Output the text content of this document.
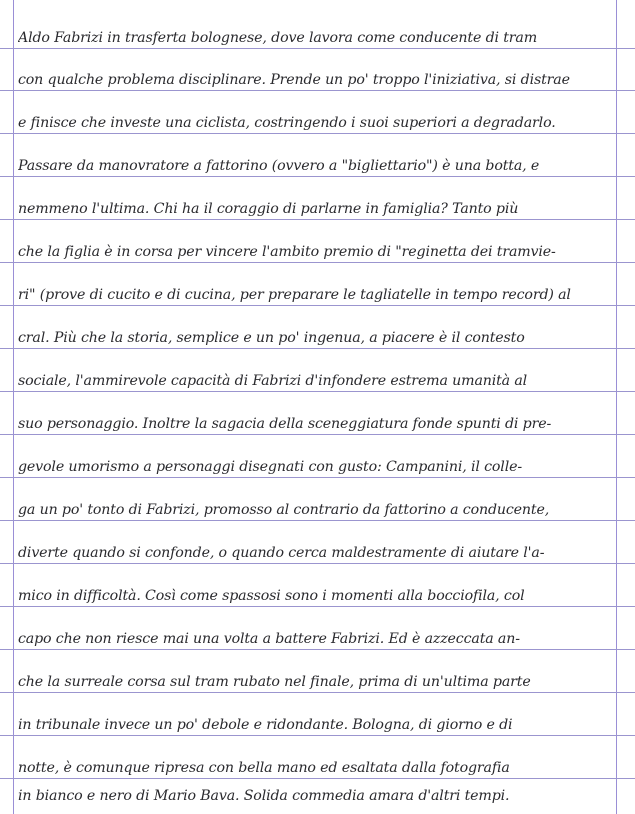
Aldo Fabrizi in trasferta bolognese, dove lavora come conducente di tram
con qualche problema disciplinare. Prende un po' troppo l'iniziativa, si distrae
e finisce che investe una ciclista, costringendo i suoi superiori a degradarlo.
Passare da manovratore a fattorino (ovvero a "bigliettario") è una botta, e
nemmeno l'ultima. Chi ha il coraggio di parlarne in famiglia? Tanto più
che la figlia è in corsa per vincere l'ambito premio di "reginetta dei tramvie-
ri" (prove di cucito e di cucina, per preparare le tagliatelle in tempo record) al
cral. Più che la storia, semplice e un po' ingenua, a piacere è il contesto
sociale, l'ammirevole capacità di Fabrizi d'infondere estrema umanità al
suo personaggio. Inoltre la sagacia della sceneggiatura fonde spunti di pre-
gevole umorismo a personaggi disegnati con gusto: Campanini, il colle-
ga un po' tonto di Fabrizi, promosso al contrario da fattorino a conducente,
diverte quando si confonde, o quando cerca maldestramente di aiutare l'a-
mico in difficoltà. Così come spassosi sono i momenti alla bocciofila, col
capo che non riesce mai una volta a battere Fabrizi. Ed è azzeccata an-
che la surreale corsa sul tram rubato nel finale, prima di un'ultima parte
in tribunale invece un po' debole e ridondante. Bologna, di giorno e di
notte, è comunque ripresa con bella mano ed esaltata dalla fotografia
in bianco e nero di Mario Bava. Solida commedia amara d'altri tempi.
